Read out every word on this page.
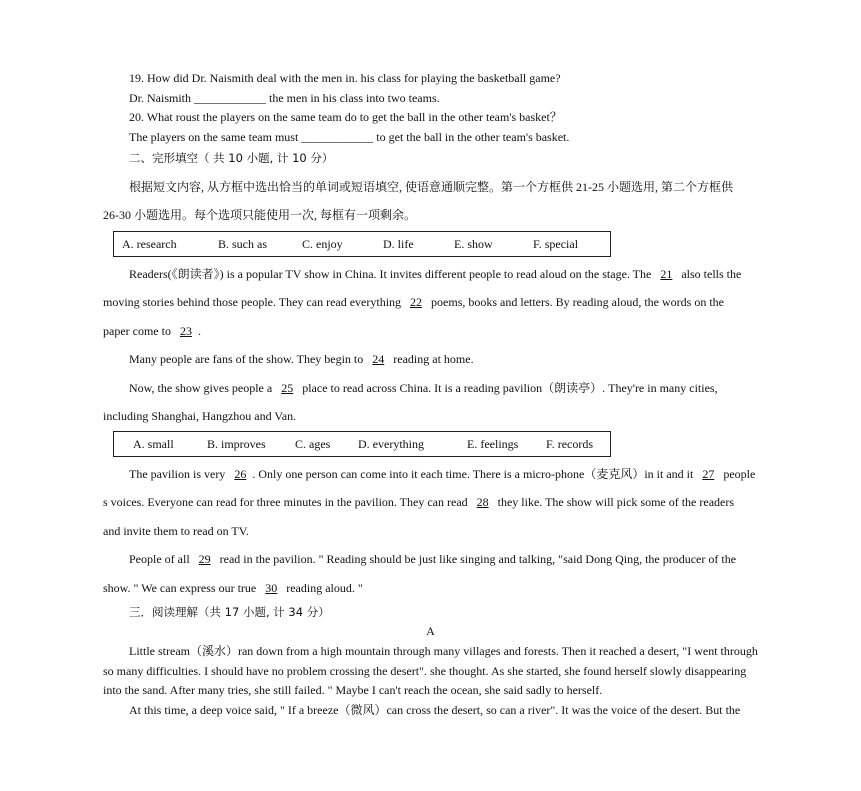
19. How did Dr. Naismith deal with the men in. his class for playing the basketball game?
Dr. Naismith ____________ the men in his class into two teams.
20. What roust the players on the same team do to get the ball in the other team's basket？
The players on the same team must ____________ to get the ball in the other team's basket.
二、完形填空（ 共 10 小题, 计 10 分）
根据短文内容, 从方框中选出恰当的单词或短语填空, 使语意通顺完整。第一个方框供 21-25 小题选用, 第二个方框供
26-30 小题选用。每个选项只能使用一次, 每框有一项剩余。
A. research	B. such as	C. enjoy	D. life	E. show	F. special
Readers(《朗读者》) is a popular TV show in China. It invites different people to read aloud on the stage. The 21 also tells the
moving stories behind those people. They can read everything 22 poems, books and letters. By reading aloud, the words on the
paper come to 23 .
Many people are fans of the show. They begin to 24 reading at home.
Now, the show gives people a 25 place to read across China. It is a reading pavilion（朗读亭）. They're in many cities,
including Shanghai, Hangzhou and Van.
A. small	B. improves C. ages D. everything	E. feelings F. records
The pavilion is very 26 . Only one person can come into it each time. There is a micro-phone（麦克风）in it and it 27 people
s voices. Everyone can read for three minutes in the pavilion. They can read 28 they like. The show will pick some of the readers
and invite them to read on TV.
People of all 29 read in the pavilion. " Reading should be just like singing and talking, "said Dong Qing, the producer of the
show. " We can express our true 30 reading aloud. "
三．阅读理解（共 17 小题, 计 34 分）
A
Little stream（溪水）ran down from a high mountain through many villages and forests. Then it reached a desert, "I went through
so many difficulties. I should have no problem crossing the desert". she thought. As she started, she found herself slowly disappearing
into the sand. After many tries, she still failed. " Maybe I can't reach the ocean, she said sadly to herself.
At this time, a deep voice said, " If a breeze（微风）can cross the desert, so can a river". It was the voice of the desert. But the
